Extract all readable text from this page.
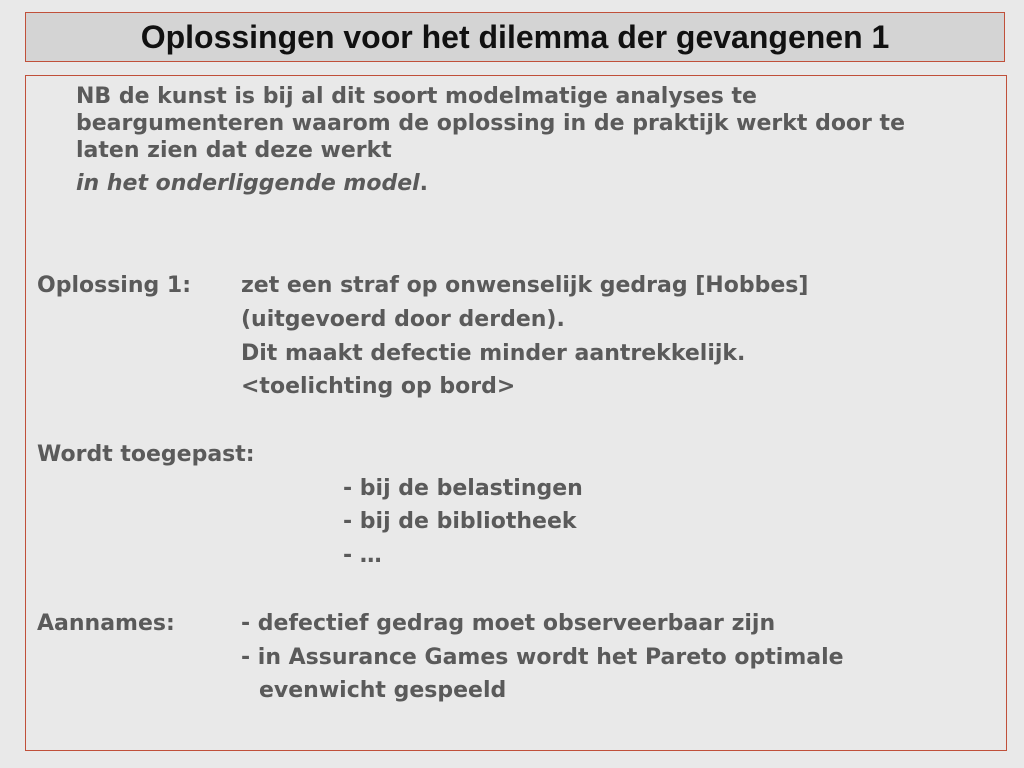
Oplossingen voor het dilemma der gevangenen 1

NB de kunst is bij al dit soort modelmatige analyses te beargumenteren waarom de oplossing in de praktijk werkt door te laten zien dat deze werkt

in het onderliggende model.

Oplossing 1: zet een straf op onwenselijk gedrag [Hobbes]

(uitgevoerd door derden).

Dit maakt defectie minder aantrekkelijk.

<toelichting op bord>

Wordt toegepast:

- bij de belastingen

- bij de bibliotheek

- …

Aannames:	- defectief gedrag moet observeerbaar zijn

- in Assurance Games wordt het Pareto optimale

evenwicht gespeeld
